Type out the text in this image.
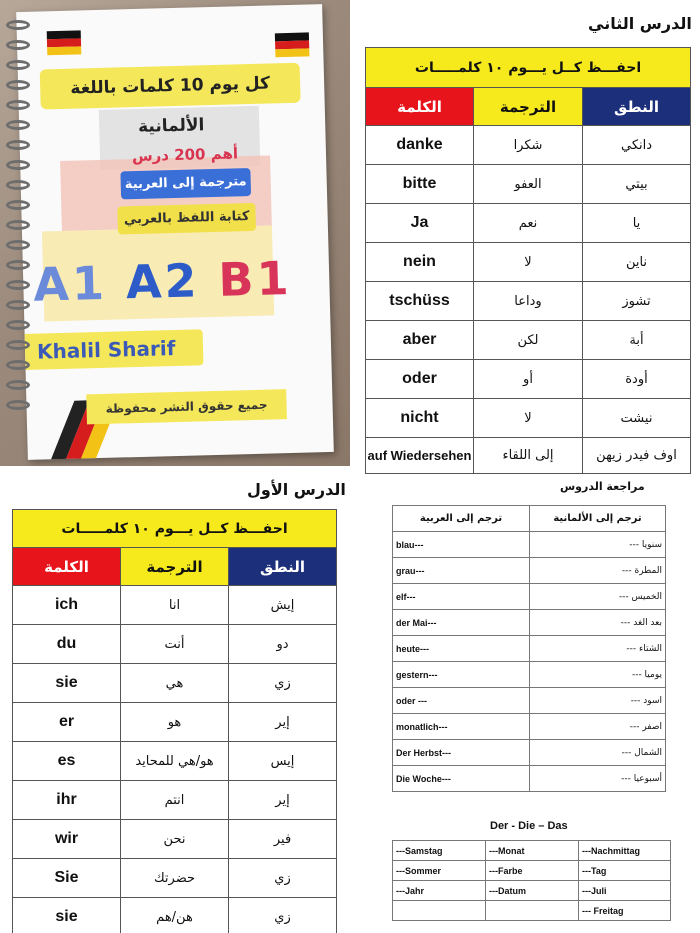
كل يوم 10 كلمات باللغة الألمانية
أهم 200 درس
مترجمة إلى العربية
كتابة اللفظ بالعربي
A1 A2 B1
Khalil Sharif
جميع حقوق النشر محفوظة
الدرس الثاني
احفـــظ كــل يـــوم ١٠ كلمـــــات		
الكلمة	الترجمة	النطق
danke	شكرا	دانكي
bitte	العفو	بيتي
Ja	نعم	يا
nein	لا	ناين
tschüss	وداعا	تشوز
aber	لكن	أبة
oder	أو	أودة
nicht	لا	نيشت
auf Wiedersehen	إلى اللقاء	اوف فيدر زيهن
الدرس الأول
احفـــظ كــل يـــوم ١٠ كلمـــــات		
الكلمة	الترجمة	النطق
ich	انا	إيش
du	أنت	دو
sie	هي	زي
er	هو	إير
es	هو/هي للمحايد	إيس
ihr	انتم	إير
wir	نحن	فير
Sie	حضرتك	زي
sie	هن/هم	زي
مراجعة الدروس
ترجم إلى العربية	ترجم إلى الألمانية
blau---	سنويا ---
grau---	المطرة ---
elf---	الخميس ---
der Mai---	بعد الغد ---
heute---	الشتاء ---
gestern---	يوميا ---
oder ---	اسود ---
monatlich---	اصفر ---
Der Herbst---	الشمال ---
Die Woche---	أسبوعيا ---
Der - Die – Das
---Samstag	---Monat	---Nachmittag
---Sommer	---Farbe	---Tag
---Jahr	---Datum	---Juli
		--- Freitag
